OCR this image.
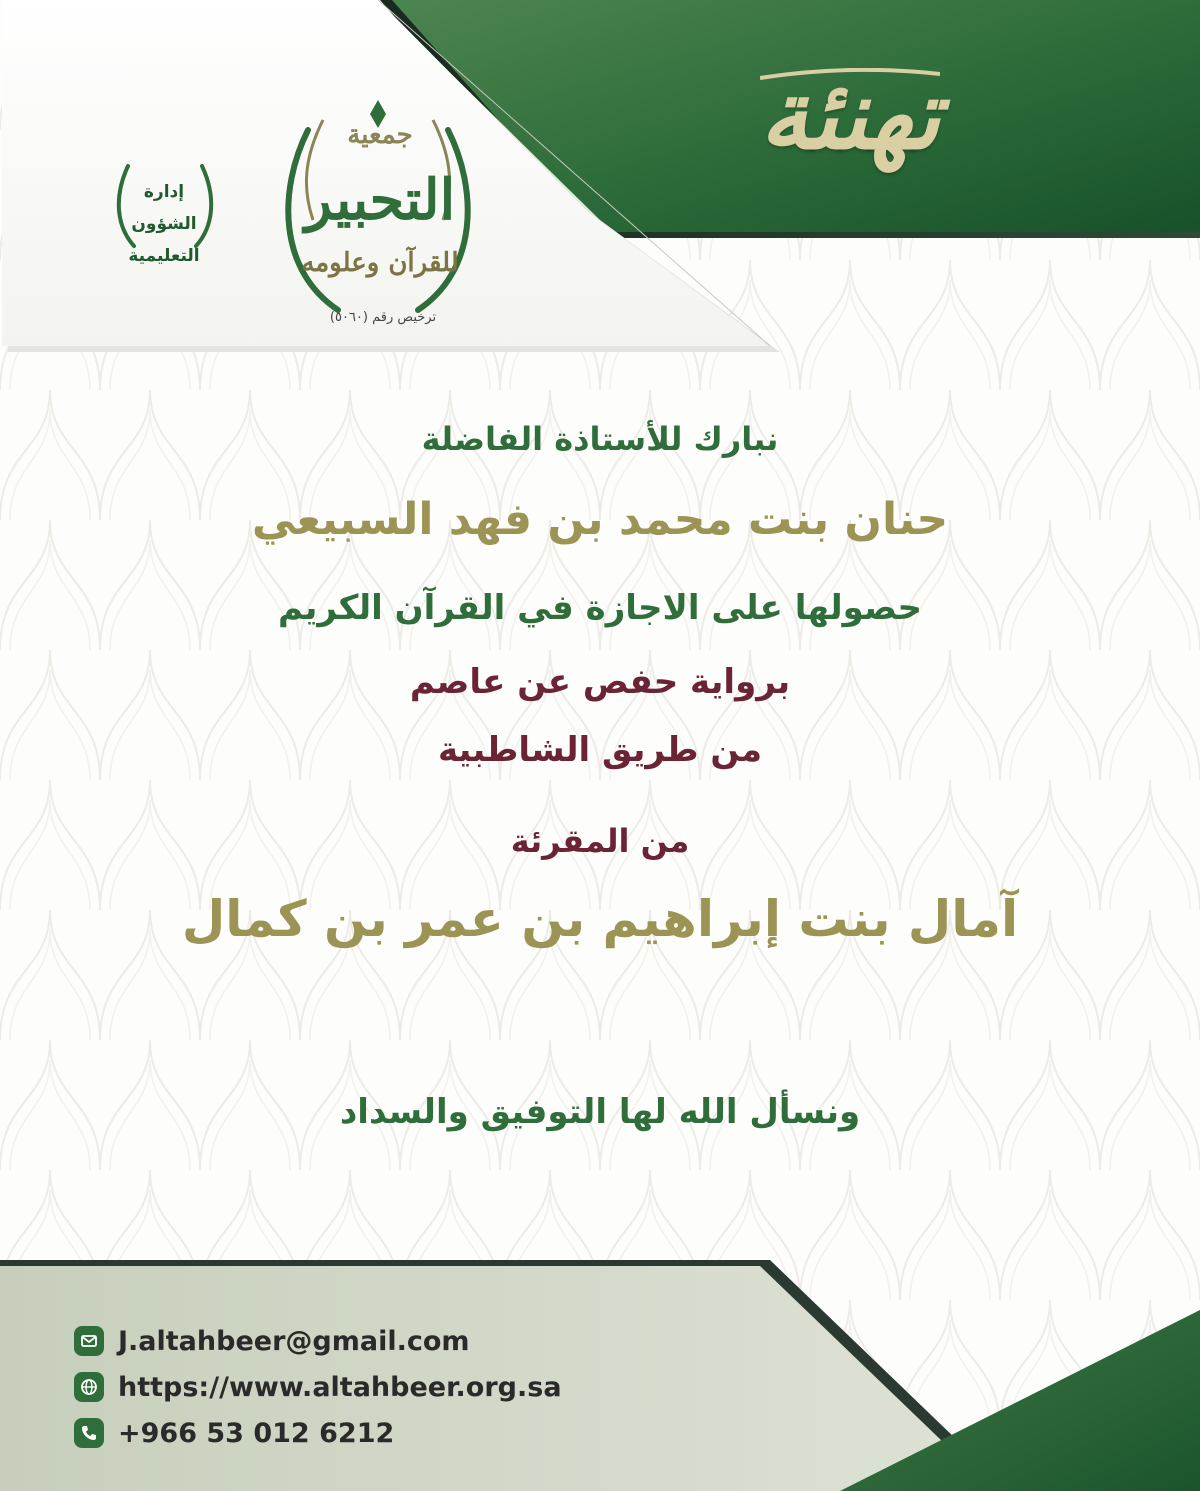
تهنئة
جمعية
التحبير
للقرآن وعلومه
ترخيص رقم (٥٠٦٠)
إدارة
الشؤون
التعليمية
نبارك للأستاذة الفاضلة
حنان بنت محمد بن فهد السبيعي
حصولها على الاجازة في القرآن الكريم
برواية حفص عن عاصم
من طريق الشاطبية
من المقرئة
آمال بنت إبراهيم بن عمر بن كمال
ونسأل الله لها التوفيق والسداد
J.altahbeer@gmail.com
https://www.altahbeer.org.sa
+966 53 012 6212
